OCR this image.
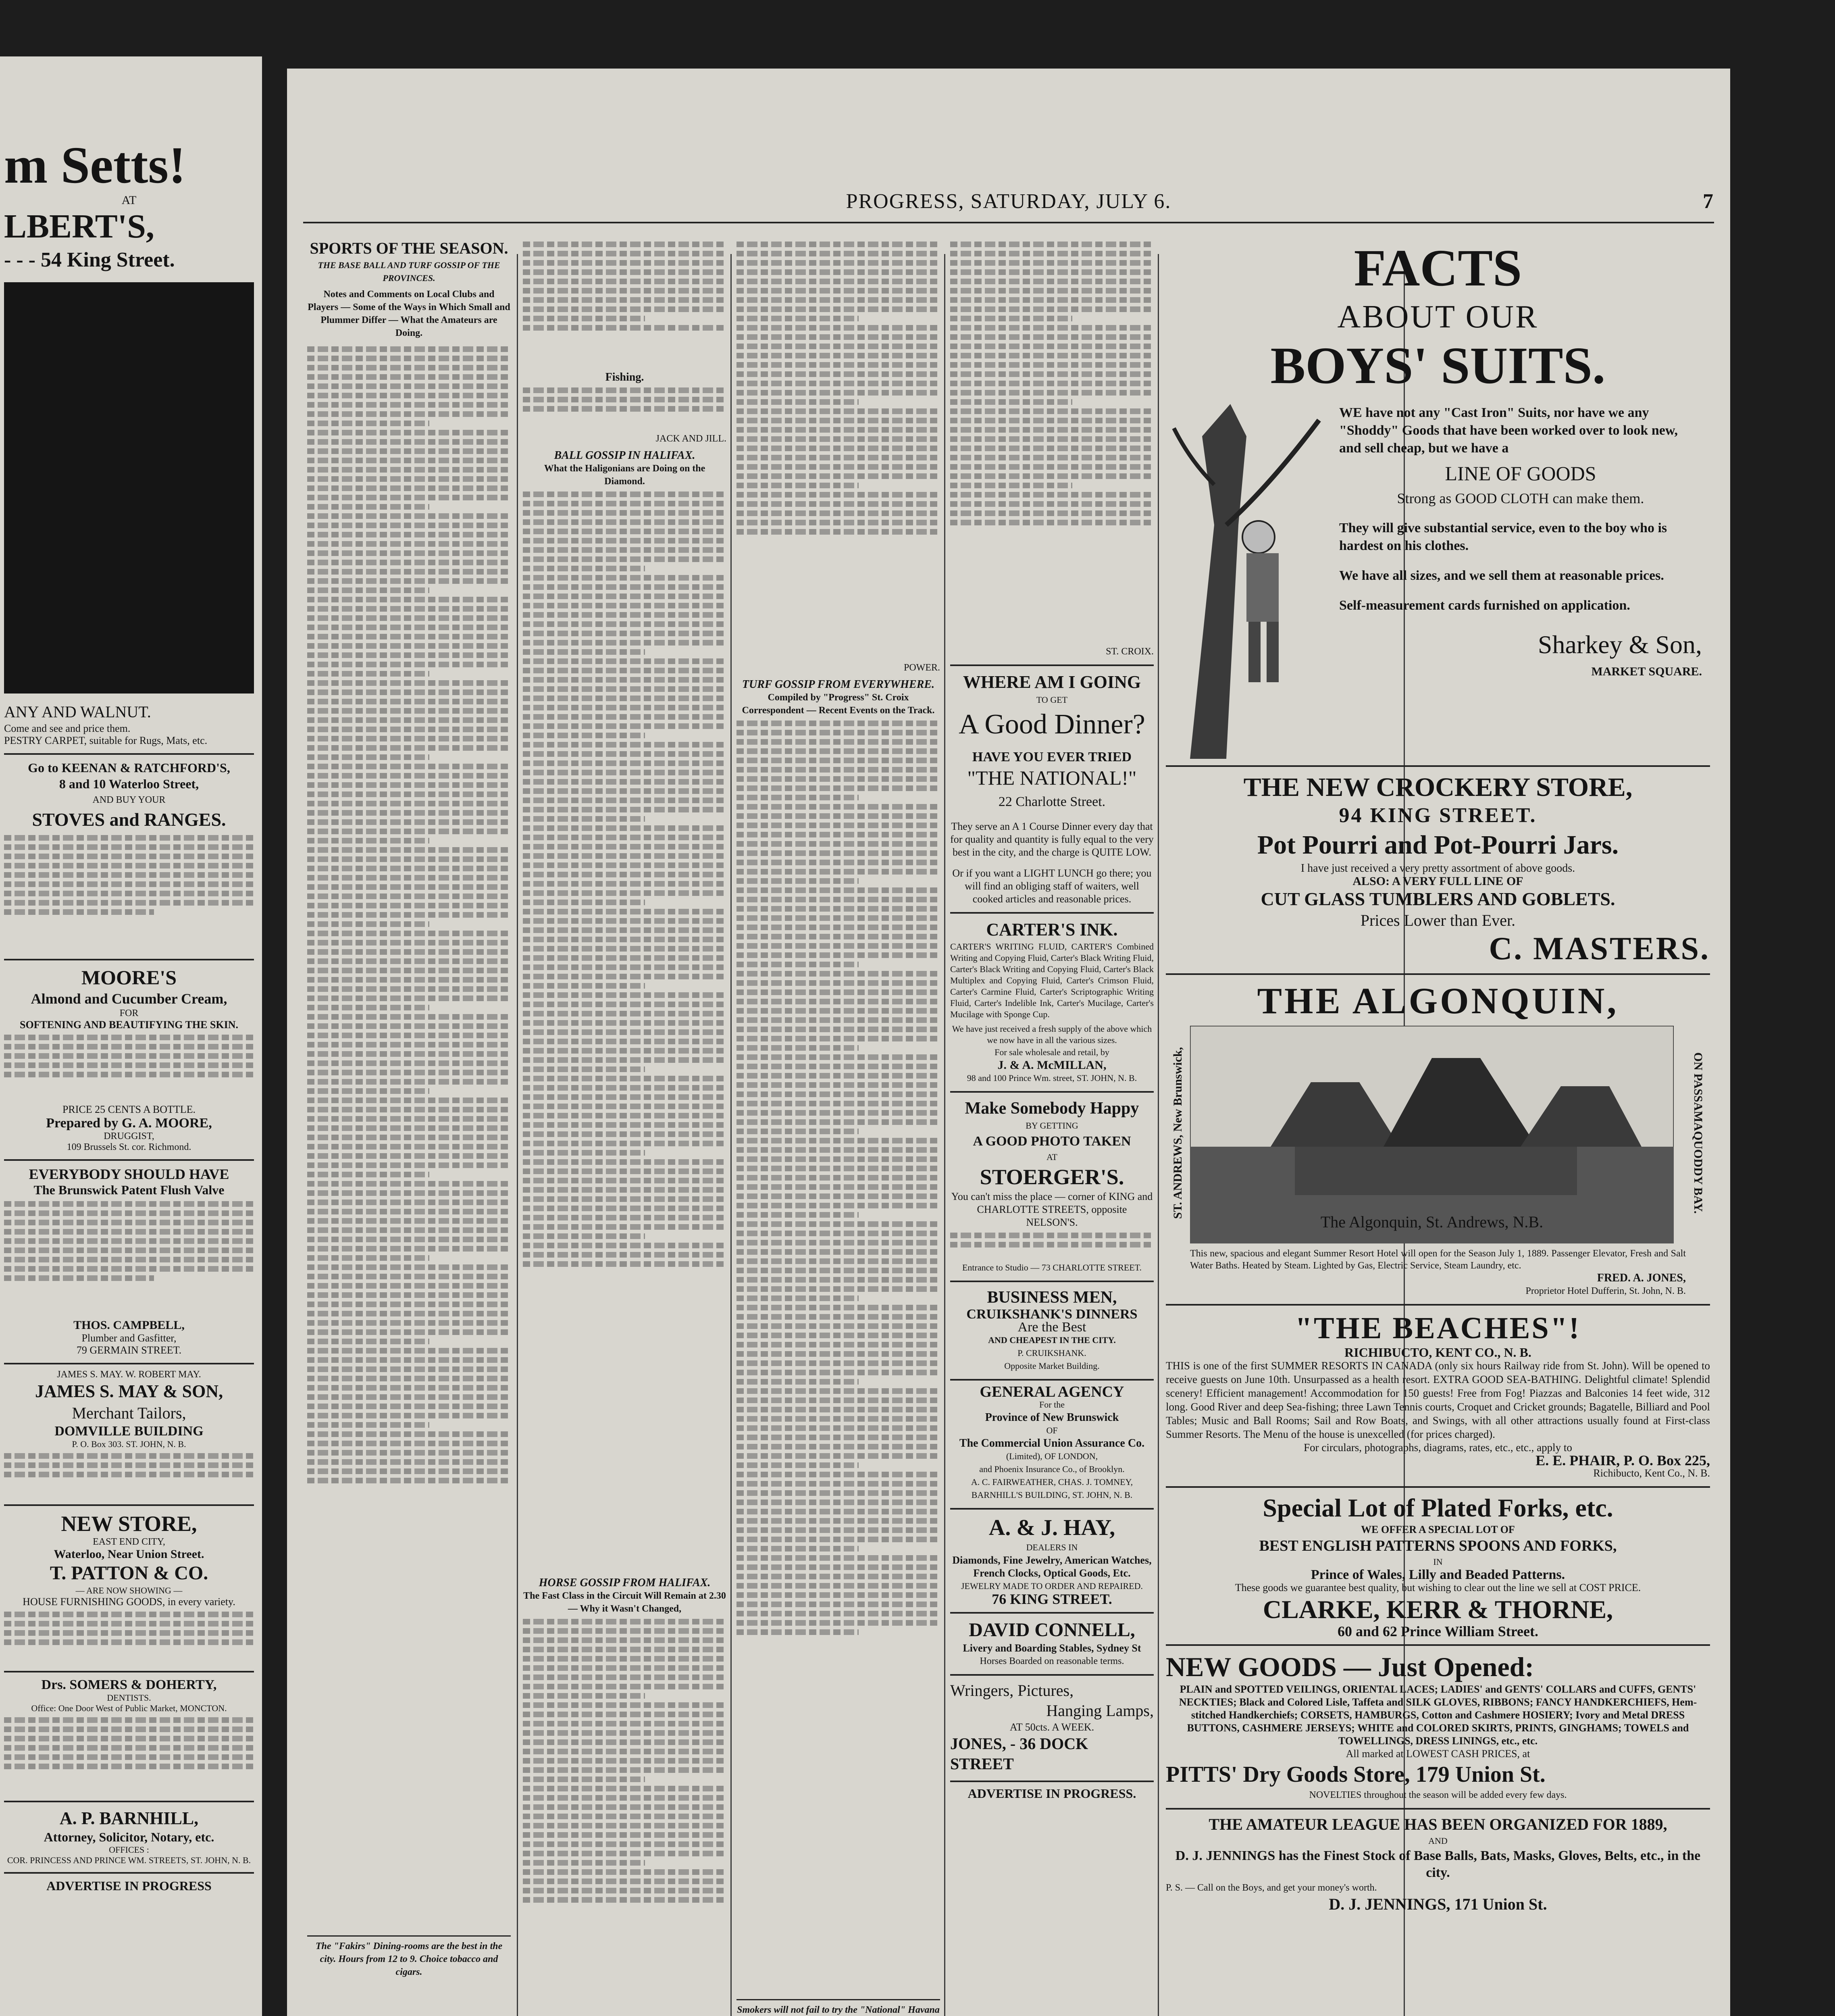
m Setts!
AT
LBERT'S,
- - - 54 King Street.
ANY AND WALNUT.
Come and see and price them.
PESTRY CARPET, suitable for Rugs, Mats, etc.
Go to KEENAN & RATCHFORD'S,
8 and 10 Waterloo Street,
AND BUY YOUR
STOVES and RANGES.
MOORE'S
Almond and Cucumber Cream,
FOR
SOFTENING AND BEAUTIFYING THE SKIN.
PRICE 25 CENTS A BOTTLE.
Prepared by G. A. MOORE,
DRUGGIST,
109 Brussels St. cor. Richmond.
EVERYBODY SHOULD HAVE
The Brunswick Patent Flush Valve
THOS. CAMPBELL,
Plumber and Gasfitter,
79 GERMAIN STREET.
JAMES S. MAY. W. ROBERT MAY.
JAMES S. MAY & SON,
Merchant Tailors,
DOMVILLE BUILDING
P. O. Box 303. ST. JOHN, N. B.
NEW STORE,
EAST END CITY,
Waterloo, Near Union Street.
T. PATTON & CO.
— ARE NOW SHOWING —
HOUSE FURNISHING GOODS, in every variety.
Drs. SOMERS & DOHERTY,
DENTISTS.
Office: One Door West of Public Market, MONCTON.
A. P. BARNHILL,
Attorney, Solicitor, Notary, etc.
OFFICES :
COR. PRINCESS AND PRINCE WM. STREETS, ST. JOHN, N. B.
ADVERTISE IN PROGRESS
PROGRESS, SATURDAY, JULY 6.	7
SPORTS OF THE SEASON.
THE BASE BALL AND TURF GOSSIP OF THE PROVINCES.
Notes and Comments on Local Clubs and Players — Some of the Ways in Which Small and Plummer Differ — What the Amateurs are Doing.
The "Fakirs" Dining-rooms are the best in the city. Hours from 12 to 9. Choice tobacco and cigars.
Fishing.
JACK AND JILL.
BALL GOSSIP IN HALIFAX.
What the Haligonians are Doing on the Diamond.
HORSE GOSSIP FROM HALIFAX.
The Fast Class in the Circuit Will Remain at 2.30 — Why it Wasn't Changed,
POWER.
TURF GOSSIP FROM EVERYWHERE.
Compiled by "Progress" St. Croix Correspondent — Recent Events on the Track.
Smokers will not fail to try the "National" Havana
ST. CROIX.
WHERE AM I GOING
TO GET
A Good Dinner?
HAVE YOU EVER TRIED
"THE NATIONAL!"
22 Charlotte Street.
They serve an A 1 Course Dinner every day that for quality and quantity is fully equal to the very best in the city, and the charge is QUITE LOW.
Or if you want a LIGHT LUNCH go there; you will find an obliging staff of waiters, well cooked articles and reasonable prices.
CARTER'S INK.
CARTER'S WRITING FLUID, CARTER'S Combined Writing and Copying Fluid, Carter's Black Writing Fluid, Carter's Black Writing and Copying Fluid, Carter's Black Multiplex and Copying Fluid, Carter's Crimson Fluid, Carter's Carmine Fluid, Carter's Scriptographic Writing Fluid, Carter's Indelible Ink, Carter's Mucilage, Carter's Mucilage with Sponge Cup.
We have just received a fresh supply of the above which we now have in all the various sizes.
For sale wholesale and retail, by
J. & A. McMILLAN,
98 and 100 Prince Wm. street, ST. JOHN, N. B.
Make Somebody Happy
BY GETTING
A GOOD PHOTO TAKEN
AT
STOERGER'S.
You can't miss the place — corner of KING and CHARLOTTE STREETS, opposite NELSON'S.
Entrance to Studio — 73 CHARLOTTE STREET.
BUSINESS MEN,
CRUIKSHANK'S DINNERS
Are the Best
AND CHEAPEST IN THE CITY.
P. CRUIKSHANK.
Opposite Market Building.
GENERAL AGENCY
For the
Province of New Brunswick
OF
The Commercial Union Assurance Co.
(Limited), OF LONDON,
and Phoenix Insurance Co., of Brooklyn.
A. C. FAIRWEATHER, CHAS. J. TOMNEY,
BARNHILL'S BUILDING, ST. JOHN, N. B.
A. & J. HAY,
DEALERS IN
Diamonds, Fine Jewelry, American Watches, French Clocks, Optical Goods, Etc.
JEWELRY MADE TO ORDER AND REPAIRED.
76 KING STREET.
DAVID CONNELL,
Livery and Boarding Stables, Sydney St
Horses Boarded on reasonable terms.
Wringers, Pictures,
Hanging Lamps,
AT 50cts. A WEEK.
JONES, - 36 DOCK STREET
ADVERTISE IN PROGRESS.
FACTS
ABOUT OUR
BOYS' SUITS.
WE have not any "Cast Iron" Suits, nor have we any "Shoddy" Goods that have been worked over to look new, and sell cheap, but we have a
LINE OF GOODS
Strong as GOOD CLOTH can make them.
They will give substantial service, even to the boy who is hardest on his clothes.
We have all sizes, and we sell them at reasonable prices.
Self-measurement cards furnished on application.
Sharkey & Son,
MARKET SQUARE.
THE NEW CROCKERY STORE,
94 KING STREET.
Pot Pourri and Pot-Pourri Jars.
I have just received a very pretty assortment of above goods.
ALSO: A VERY FULL LINE OF
CUT GLASS TUMBLERS AND GOBLETS.
Prices Lower than Ever.
C. MASTERS.
THE ALGONQUIN,
ST. ANDREWS, New Brunswick,
The Algonquin, St. Andrews, N.B.
ON PASSAMAQUODDY BAY.
This new, spacious and elegant Summer Resort Hotel will open for the Season July 1, 1889. Passenger Elevator, Fresh and Salt Water Baths. Heated by Steam. Lighted by Gas, Electric Service, Steam Laundry, etc.
FRED. A. JONES,
Proprietor Hotel Dufferin, St. John, N. B.
"THE BEACHES"!
RICHIBUCTO, KENT CO., N. B.
THIS is one of the first SUMMER RESORTS IN CANADA (only six hours Railway ride from St. John). Will be opened to receive guests on June 10th. Unsurpassed as a health resort. EXTRA GOOD SEA-BATHING. Delightful climate! Splendid scenery! Efficient management! Accommodation for 150 guests! Free from Fog! Piazzas and Balconies 14 feet wide, 312 long. Good River and deep Sea-fishing; three Lawn Tennis courts, Croquet and Cricket grounds; Bagatelle, Billiard and Pool Tables; Music and Ball Rooms; Sail and Row Boats, and Swings, with all other attractions usually found at First-class Summer Resorts. The Menu of the house is unexcelled (for prices charged).
For circulars, photographs, diagrams, rates, etc., etc., apply to
E. E. PHAIR, P. O. Box 225,
Richibucto, Kent Co., N. B.
Special Lot of Plated Forks, etc.
WE OFFER A SPECIAL LOT OF
BEST ENGLISH PATTERNS SPOONS AND FORKS,
IN
Prince of Wales, Lilly and Beaded Patterns.
These goods we guarantee best quality, but wishing to clear out the line we sell at COST PRICE.
CLARKE, KERR & THORNE,
60 and 62 Prince William Street.
NEW GOODS — Just Opened:
PLAIN and SPOTTED VEILINGS, ORIENTAL LACES; LADIES' and GENTS' COLLARS and CUFFS, GENTS' NECKTIES; Black and Colored Lisle, Taffeta and SILK GLOVES, RIBBONS; FANCY HANDKERCHIEFS, Hem-stitched Handkerchiefs; CORSETS, HAMBURGS, Cotton and Cashmere HOSIERY; Ivory and Metal DRESS BUTTONS, CASHMERE JERSEYS; WHITE and COLORED SKIRTS, PRINTS, GINGHAMS; TOWELS and TOWELLINGS, DRESS LININGS, etc., etc.
All marked at LOWEST CASH PRICES, at
PITTS' Dry Goods Store, 179 Union St.
NOVELTIES throughout the season will be added every few days.
THE AMATEUR LEAGUE HAS BEEN ORGANIZED FOR 1889,
AND
D. J. JENNINGS has the Finest Stock of Base Balls, Bats, Masks, Gloves, Belts, etc., in the city.
P. S. — Call on the Boys, and get your money's worth.
D. J. JENNINGS, 171 Union St.
